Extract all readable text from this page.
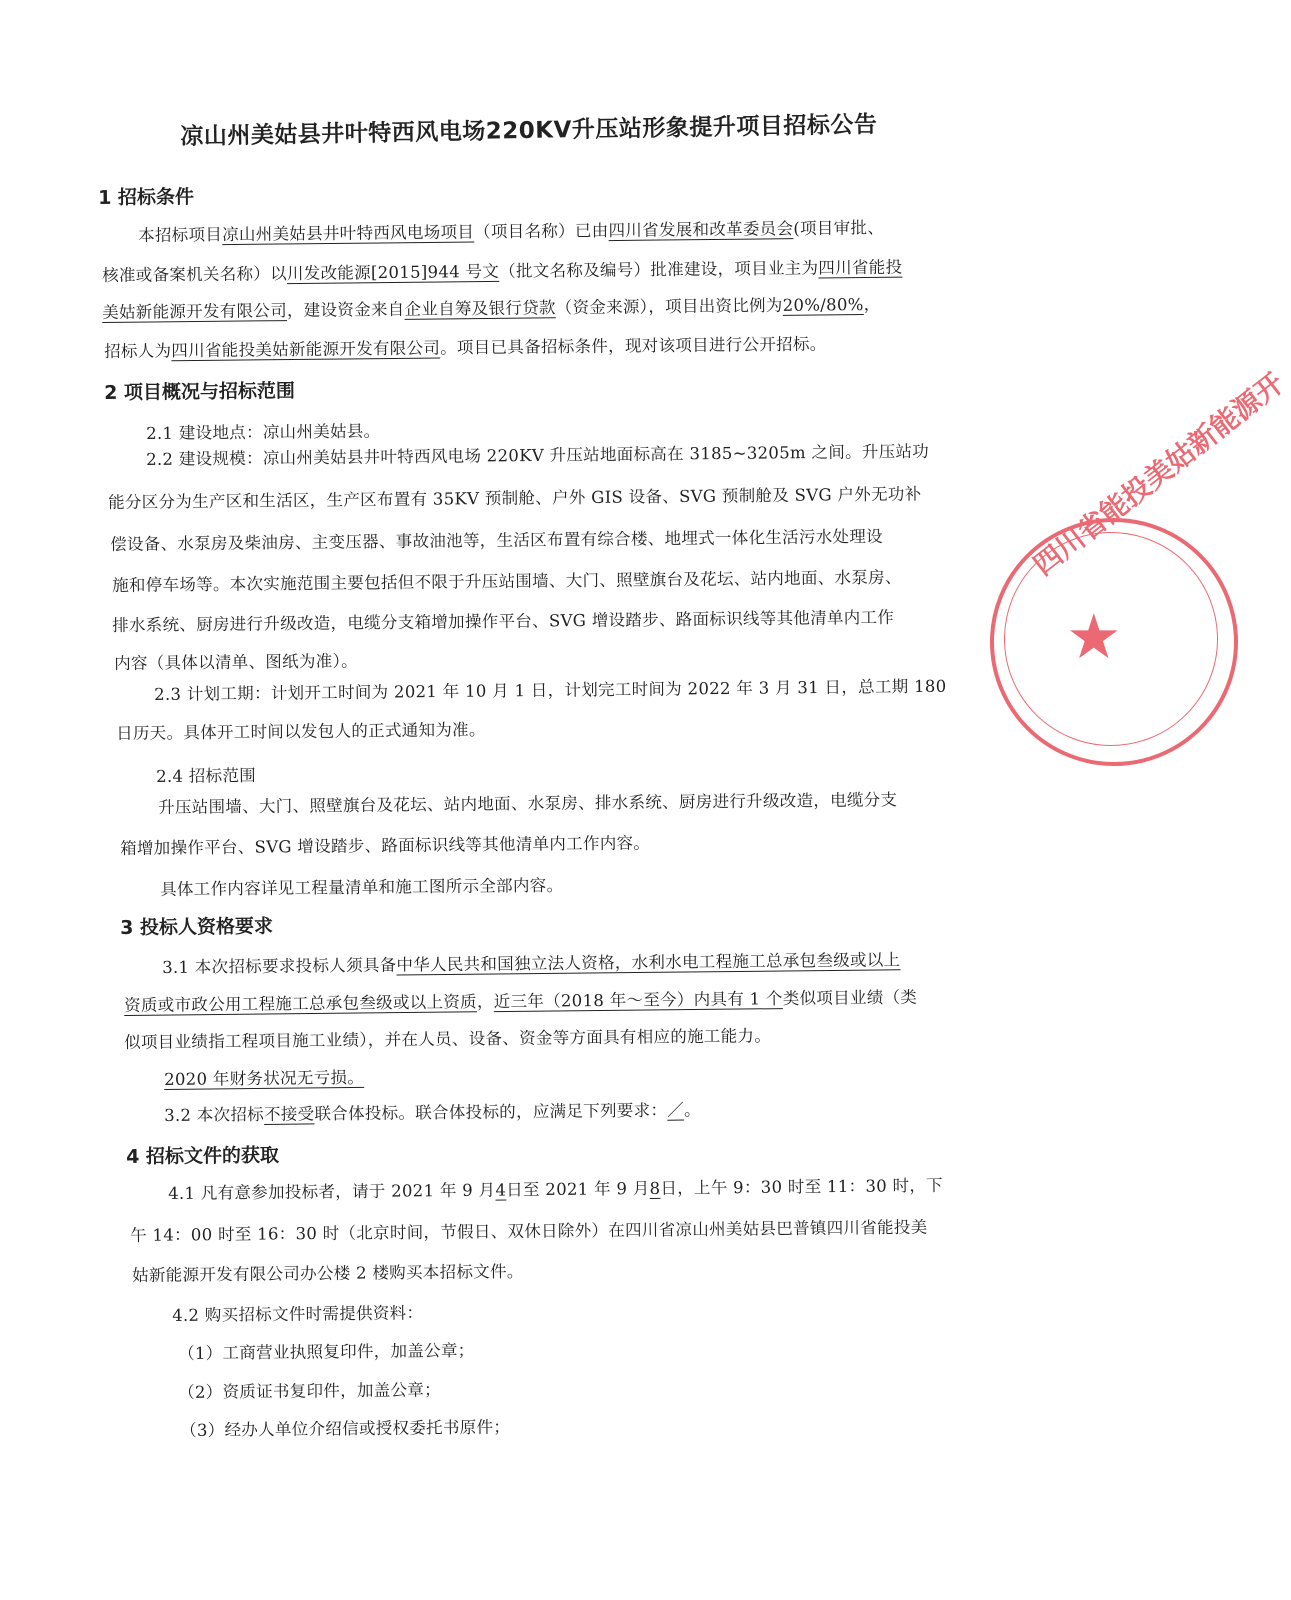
凉山州美姑县井叶特西风电场220KV升压站形象提升项目招标公告
1 招标条件
本招标项目凉山州美姑县井叶特西风电场项目（项目名称）已由四川省发展和改革委员会(项目审批、
核准或备案机关名称）以川发改能源[2015]944 号文（批文名称及编号）批准建设，项目业主为四川省能投
美姑新能源开发有限公司，建设资金来自企业自筹及银行贷款（资金来源），项目出资比例为20%/80%，
招标人为四川省能投美姑新能源开发有限公司。项目已具备招标条件，现对该项目进行公开招标。
2 项目概况与招标范围
2.1 建设地点：凉山州美姑县。
2.2 建设规模：凉山州美姑县井叶特西风电场 220KV 升压站地面标高在 3185~3205m 之间。升压站功
能分区分为生产区和生活区，生产区布置有 35KV 预制舱、户外 GIS 设备、SVG 预制舱及 SVG 户外无功补
偿设备、水泵房及柴油房、主变压器、事故油池等，生活区布置有综合楼、地埋式一体化生活污水处理设
施和停车场等。本次实施范围主要包括但不限于升压站围墙、大门、照壁旗台及花坛、站内地面、水泵房、
排水系统、厨房进行升级改造，电缆分支箱增加操作平台、SVG 增设踏步、路面标识线等其他清单内工作
内容（具体以清单、图纸为准）。
2.3 计划工期：计划开工时间为 2021 年 10 月 1 日，计划完工时间为 2022 年 3 月 31 日，总工期 180
日历天。具体开工时间以发包人的正式通知为准。
2.4 招标范围
升压站围墙、大门、照壁旗台及花坛、站内地面、水泵房、排水系统、厨房进行升级改造，电缆分支
箱增加操作平台、SVG 增设踏步、路面标识线等其他清单内工作内容。
具体工作内容详见工程量清单和施工图所示全部内容。
3 投标人资格要求
3.1 本次招标要求投标人须具备中华人民共和国独立法人资格，水利水电工程施工总承包叁级或以上
资质或市政公用工程施工总承包叁级或以上资质，近三年（2018 年～至今）内具有 1 个类似项目业绩（类
似项目业绩指工程项目施工业绩），并在人员、设备、资金等方面具有相应的施工能力。
2020 年财务状况无亏损。
3.2 本次招标不接受联合体投标。联合体投标的，应满足下列要求：／。
4 招标文件的获取
4.1 凡有意参加投标者，请于 2021 年 9 月4日至 2021 年 9 月8日，上午 9：30 时至 11：30 时，下
午 14：00 时至 16：30 时（北京时间，节假日、双休日除外）在四川省凉山州美姑县巴普镇四川省能投美
姑新能源开发有限公司办公楼 2 楼购买本招标文件。
4.2 购买招标文件时需提供资料：
（1）工商营业执照复印件，加盖公章；
（2）资质证书复印件，加盖公章；
（3）经办人单位介绍信或授权委托书原件；
★
四川省能投美姑新能源开
